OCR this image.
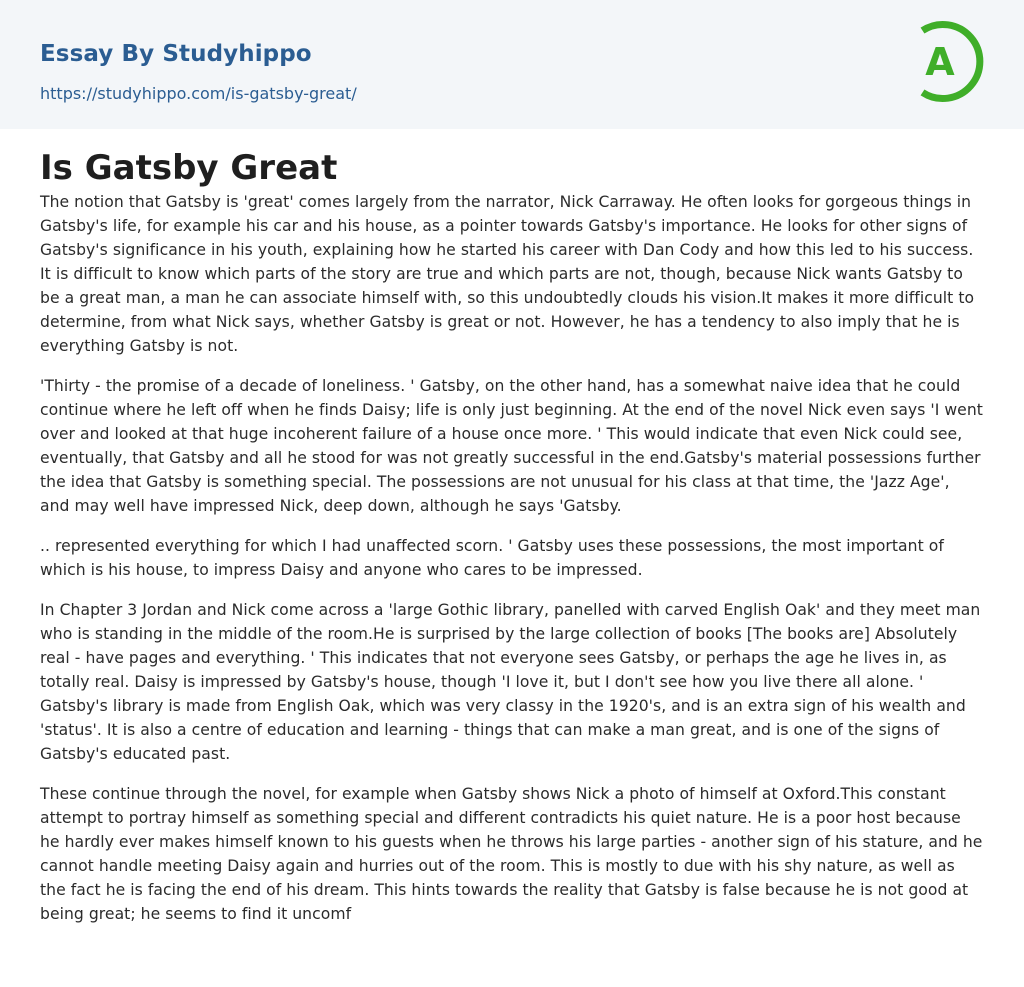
Essay By Studyhippo
https://studyhippo.com/is-gatsby-great/
A
Is Gatsby Great

The notion that Gatsby is 'great' comes largely from the narrator, Nick Carraway. He often looks for gorgeous things in Gatsby's life, for example his car and his house, as a pointer towards Gatsby's importance. He looks for other signs of Gatsby's significance in his youth, explaining how he started his career with Dan Cody and how this led to his success. It is difficult to know which parts of the story are true and which parts are not, though, because Nick wants Gatsby to be a great man, a man he can associate himself with, so this undoubtedly clouds his vision.It makes it more difficult to determine, from what Nick says, whether Gatsby is great or not. However, he has a tendency to also imply that he is everything Gatsby is not.

'Thirty - the promise of a decade of loneliness. ' Gatsby, on the other hand, has a somewhat naive idea that he could continue where he left off when he finds Daisy; life is only just beginning. At the end of the novel Nick even says 'I went over and looked at that huge incoherent failure of a house once more. ' This would indicate that even Nick could see, eventually, that Gatsby and all he stood for was not greatly successful in the end.Gatsby's material possessions further the idea that Gatsby is something special. The possessions are not unusual for his class at that time, the 'Jazz Age', and may well have impressed Nick, deep down, although he says 'Gatsby.

.. represented everything for which I had unaffected scorn. ' Gatsby uses these possessions, the most important of which is his house, to impress Daisy and anyone who cares to be impressed.

In Chapter 3 Jordan and Nick come across a 'large Gothic library, panelled with carved English Oak' and they meet man who is standing in the middle of the room.He is surprised by the large collection of books [The books are] Absolutely real - have pages and everything. ' This indicates that not everyone sees Gatsby, or perhaps the age he lives in, as totally real. Daisy is impressed by Gatsby's house, though 'I love it, but I don't see how you live there all alone. ' Gatsby's library is made from English Oak, which was very classy in the 1920's, and is an extra sign of his wealth and 'status'. It is also a centre of education and learning - things that can make a man great, and is one of the signs of Gatsby's educated past.

These continue through the novel, for example when Gatsby shows Nick a photo of himself at Oxford.This constant attempt to portray himself as something special and different contradicts his quiet nature. He is a poor host because he hardly ever makes himself known to his guests when he throws his large parties - another sign of his stature, and he cannot handle meeting Daisy again and hurries out of the room. This is mostly to due with his shy nature, as well as the fact he is facing the end of his dream. This hints towards the reality that Gatsby is false because he is not good at being great; he seems to find it uncomf
